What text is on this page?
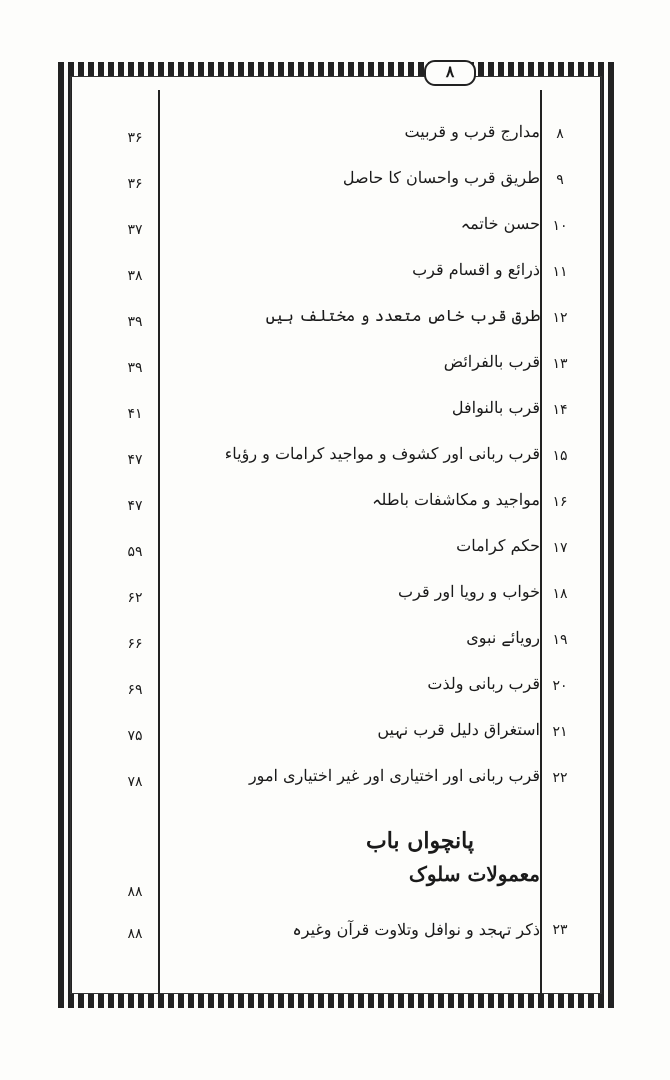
۸
۸
مدارج قرب و قربیت
۳۶
۹
طریق قرب واحسان کا حاصل
۳۶
۱۰
حسن خاتمہ
۳۷
۱۱
ذرائع و اقسام قرب
۳۸
۱۲
طرق قرب خاص متعدد و مختلف ہیں
۳۹
۱۳
قرب بالفرائض
۳۹
۱۴
قرب بالنوافل
۴۱
۱۵
قرب ربانی اور کشوف و مواجید کرامات و رؤیاء
۴۷
۱۶
مواجید و مکاشفات باطلہ
۴۷
۱۷
حکم کرامات
۵۹
۱۸
خواب و رویا اور قرب
۶۲
۱۹
رویائے نبوی
۶۶
۲۰
قرب ربانی ولذت
۶۹
۲۱
استغراق دلیل قرب نہیں
۷۵
۲۲
قرب ربانی اور اختیاری اور غیر اختیاری امور
۷۸
پانچواں باب
معمولات سلوک
۸۸
۲۳
ذکر تہجد و نوافل وتلاوت قرآن وغیرہ
۸۸
